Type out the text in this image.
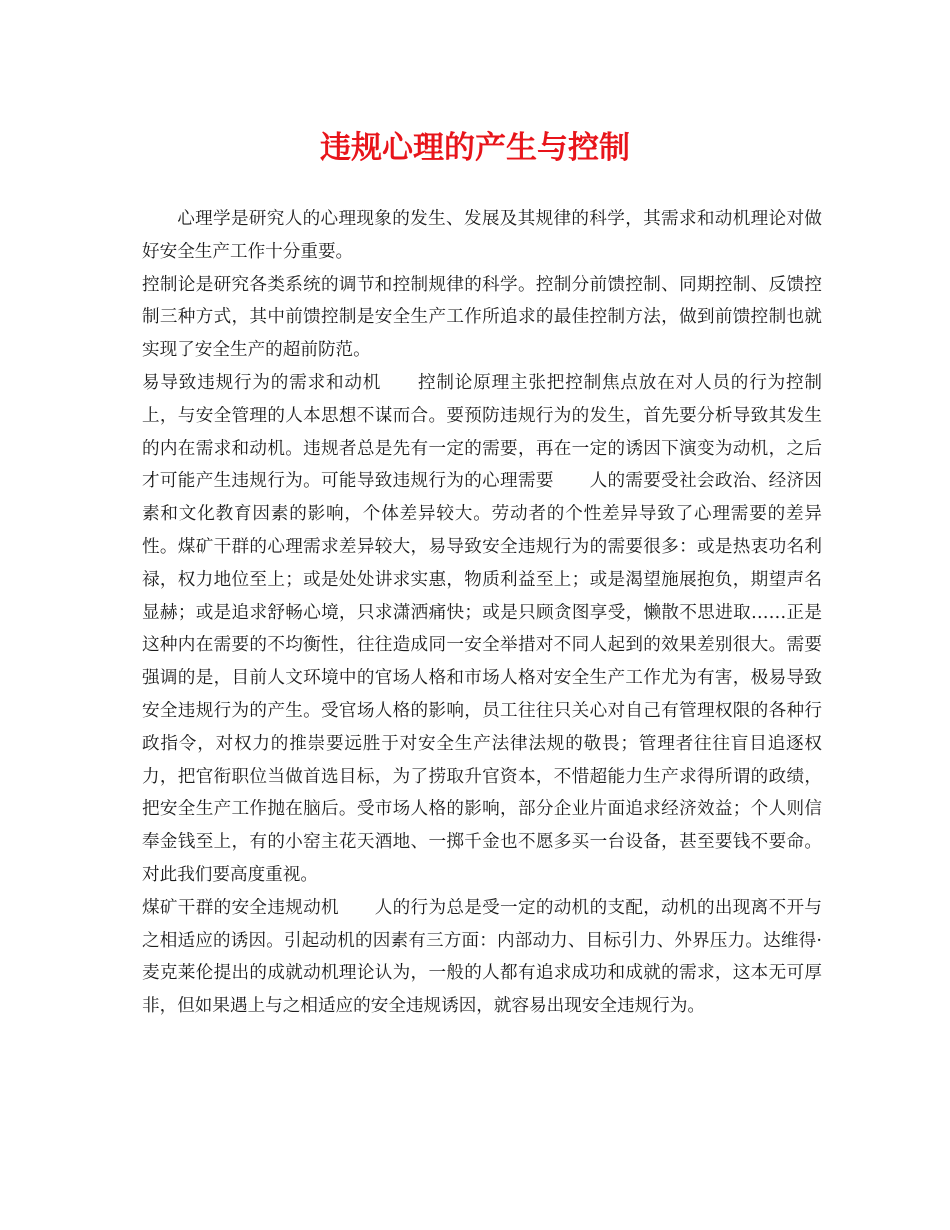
违规心理的产生与控制

心理学是研究人的心理现象的发生、发展及其规律的科学，其需求和动机理论对做好安全生产工作十分重要。

控制论是研究各类系统的调节和控制规律的科学。控制分前馈控制、同期控制、反馈控制三种方式，其中前馈控制是安全生产工作所追求的最佳控制方法，做到前馈控制也就实现了安全生产的超前防范。

易导致违规行为的需求和动机　　控制论原理主张把控制焦点放在对人员的行为控制上，与安全管理的人本思想不谋而合。要预防违规行为的发生，首先要分析导致其发生的内在需求和动机。违规者总是先有一定的需要，再在一定的诱因下演变为动机，之后才可能产生违规行为。可能导致违规行为的心理需要　　人的需要受社会政治、经济因素和文化教育因素的影响，个体差异较大。劳动者的个性差异导致了心理需要的差异性。煤矿干群的心理需求差异较大，易导致安全违规行为的需要很多：或是热衷功名利禄，权力地位至上；或是处处讲求实惠，物质利益至上；或是渴望施展抱负，期望声名显赫；或是追求舒畅心境，只求潇洒痛快；或是只顾贪图享受，懒散不思进取……正是这种内在需要的不均衡性，往往造成同一安全举措对不同人起到的效果差别很大。需要强调的是，目前人文环境中的官场人格和市场人格对安全生产工作尤为有害，极易导致安全违规行为的产生。受官场人格的影响，员工往往只关心对自己有管理权限的各种行政指令，对权力的推崇要远胜于对安全生产法律法规的敬畏；管理者往往盲目追逐权力，把官衔职位当做首选目标，为了捞取升官资本，不惜超能力生产求得所谓的政绩，把安全生产工作抛在脑后。受市场人格的影响，部分企业片面追求经济效益；个人则信奉金钱至上，有的小窑主花天酒地、一掷千金也不愿多买一台设备，甚至要钱不要命。对此我们要高度重视。

煤矿干群的安全违规动机　　人的行为总是受一定的动机的支配，动机的出现离不开与之相适应的诱因。引起动机的因素有三方面：内部动力、目标引力、外界压力。达维得·麦克莱伦提出的成就动机理论认为，一般的人都有追求成功和成就的需求，这本无可厚非，但如果遇上与之相适应的安全违规诱因，就容易出现安全违规行为。
